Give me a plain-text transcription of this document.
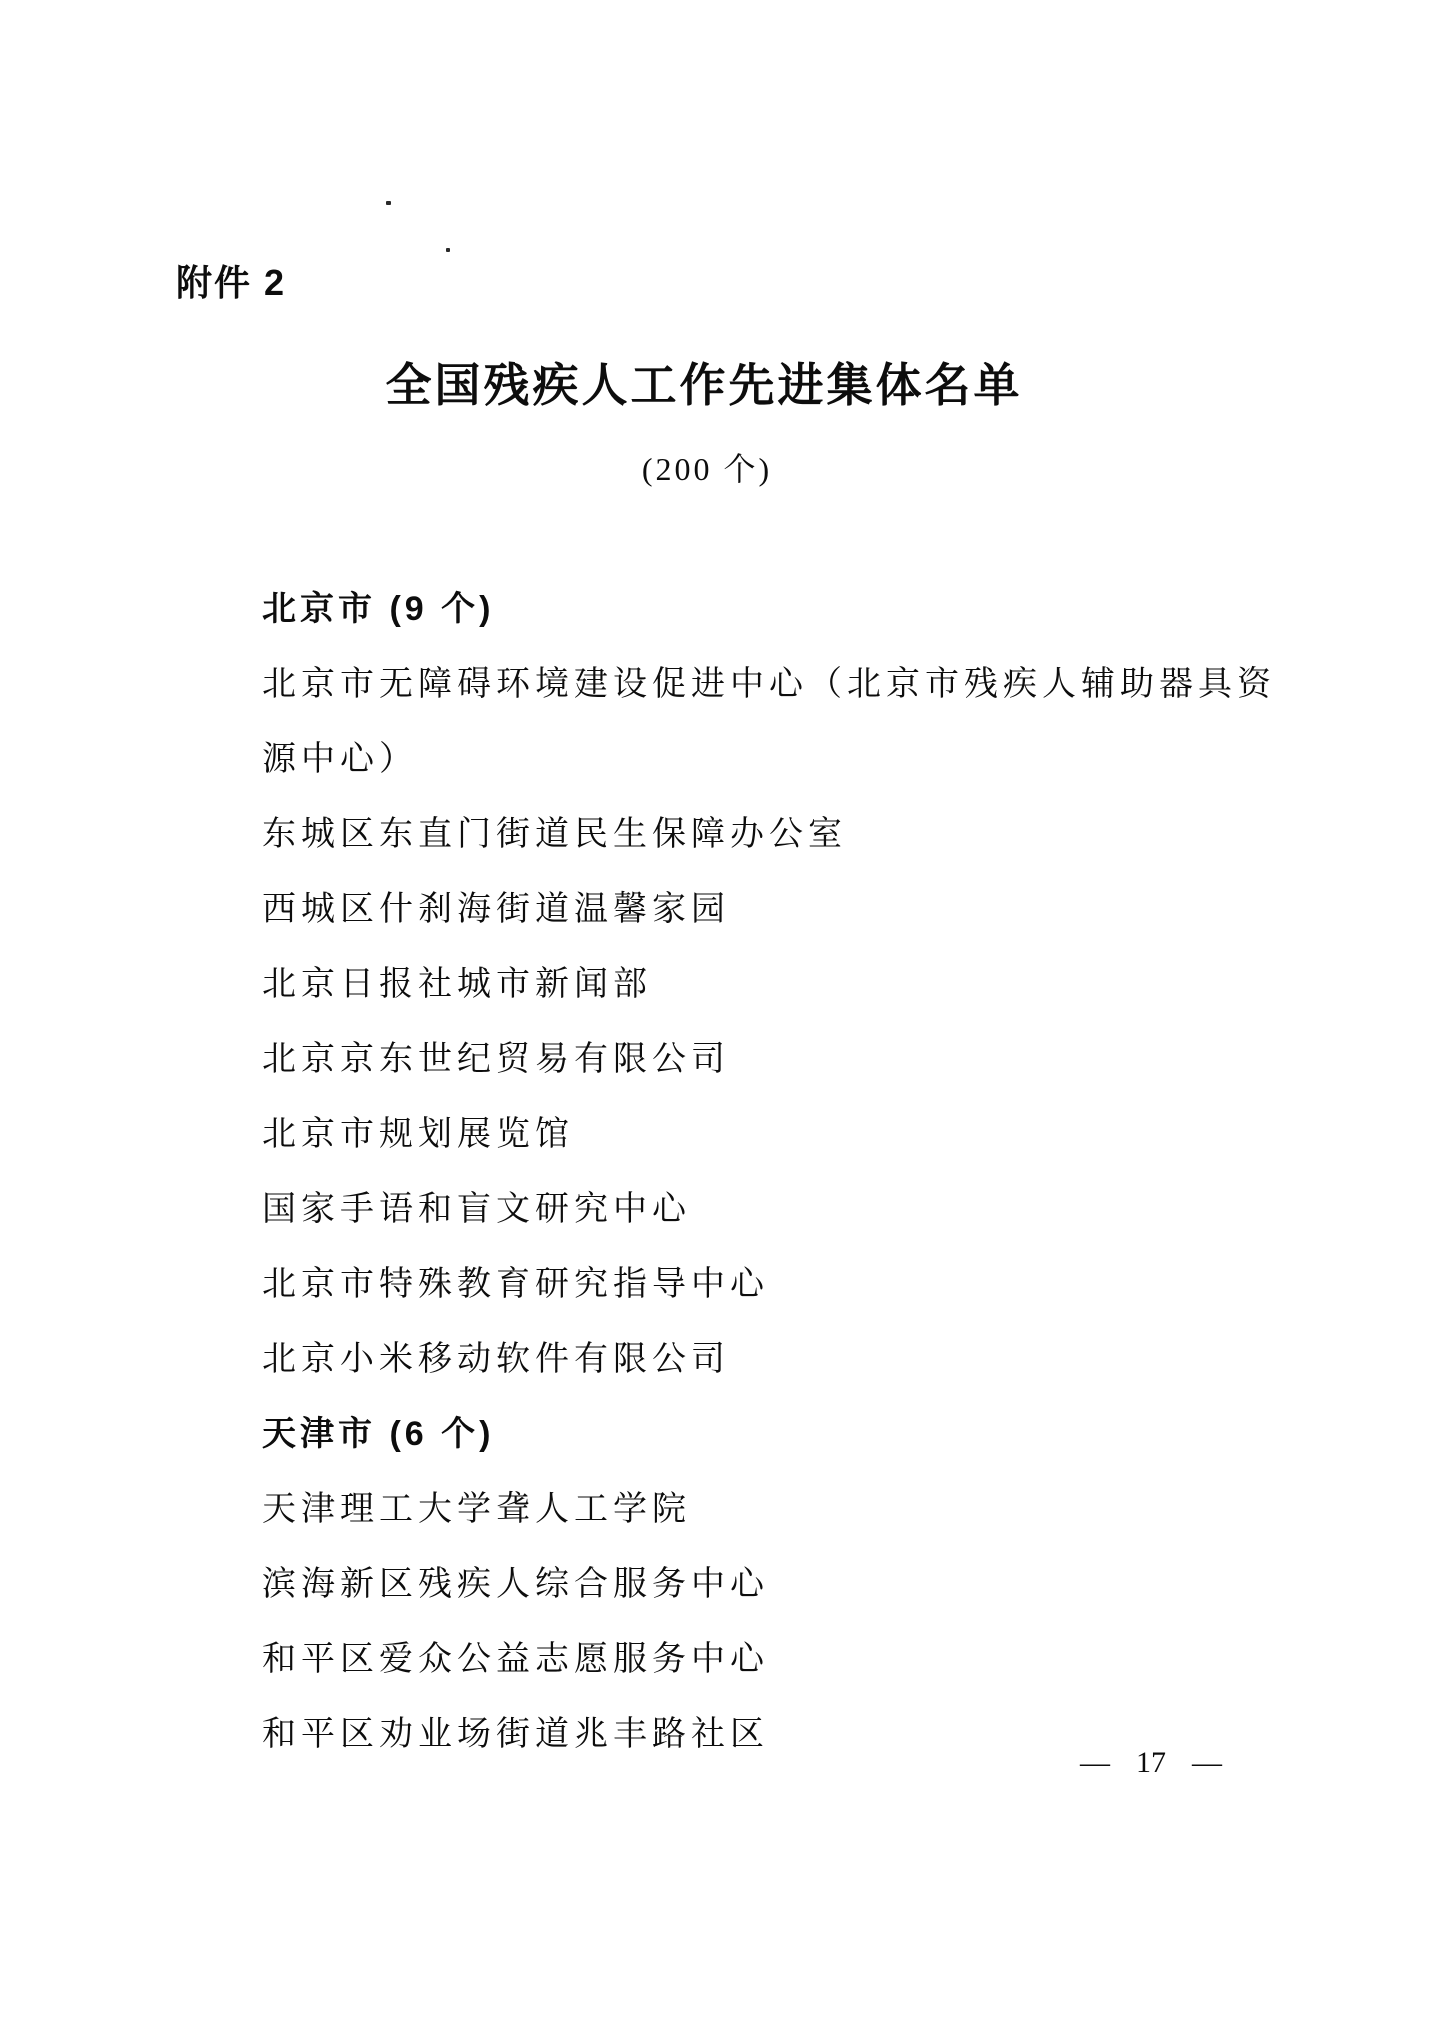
附件 2
全国残疾人工作先进集体名单
(200 个)
北京市 (9 个)
北京市无障碍环境建设促进中心（北京市残疾人辅助器具资
源中心）
东城区东直门街道民生保障办公室
西城区什刹海街道温馨家园
北京日报社城市新闻部
北京京东世纪贸易有限公司
北京市规划展览馆
国家手语和盲文研究中心
北京市特殊教育研究指导中心
北京小米移动软件有限公司
天津市 (6 个)
天津理工大学聋人工学院
滨海新区残疾人综合服务中心
和平区爱众公益志愿服务中心
和平区劝业场街道兆丰路社区
— 17 —
